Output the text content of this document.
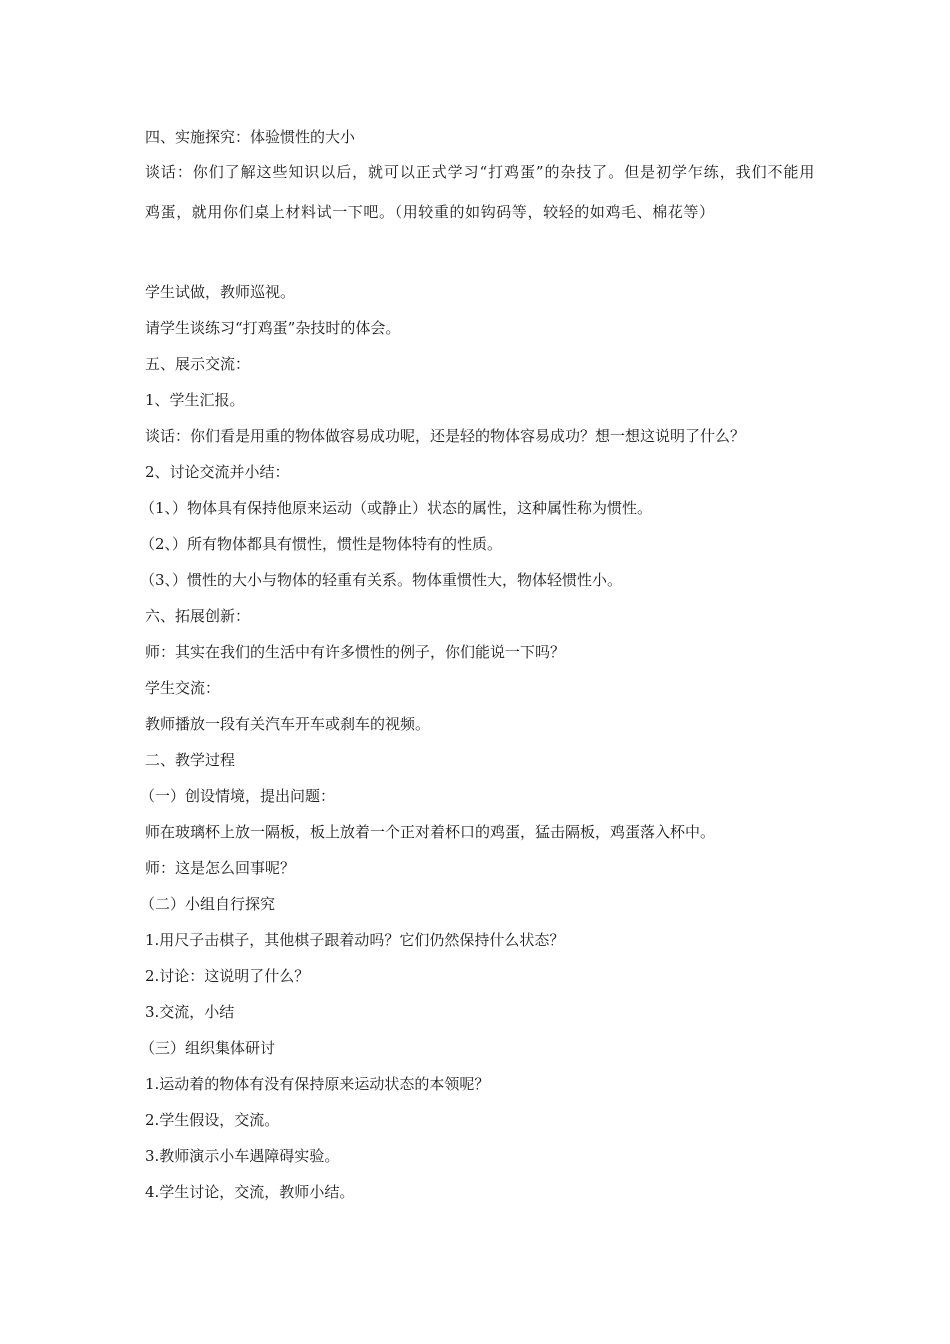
四、实施探究：体验惯性的大小
谈话：你们了解这些知识以后，就可以正式学习“打鸡蛋”的杂技了。但是初学乍练，我们不能用鸡蛋，就用你们桌上材料试一下吧。（用较重的如钩码等，较轻的如鸡毛、棉花等）
学生试做，教师巡视。
请学生谈练习“打鸡蛋”杂技时的体会。
五、展示交流：
1、学生汇报。
谈话：你们看是用重的物体做容易成功呢，还是轻的物体容易成功？想一想这说明了什么？
2、讨论交流并小结：
（1、）物体具有保持他原来运动（或静止）状态的属性，这种属性称为惯性。
（2、）所有物体都具有惯性，惯性是物体特有的性质。
（3、）惯性的大小与物体的轻重有关系。物体重惯性大，物体轻惯性小。
六、拓展创新：
师：其实在我们的生活中有许多惯性的例子，你们能说一下吗？
学生交流：
教师播放一段有关汽车开车或刹车的视频。
二、教学过程
（一）创设情境，提出问题：
师在玻璃杯上放一隔板，板上放着一个正对着杯口的鸡蛋，猛击隔板，鸡蛋落入杯中。
师：这是怎么回事呢？
（二）小组自行探究
1.用尺子击棋子，其他棋子跟着动吗？它们仍然保持什么状态？
2.讨论：这说明了什么？
3.交流，小结
（三）组织集体研讨
1.运动着的物体有没有保持原来运动状态的本领呢？
2.学生假设，交流。
3.教师演示小车遇障碍实验。
4.学生讨论，交流，教师小结。
